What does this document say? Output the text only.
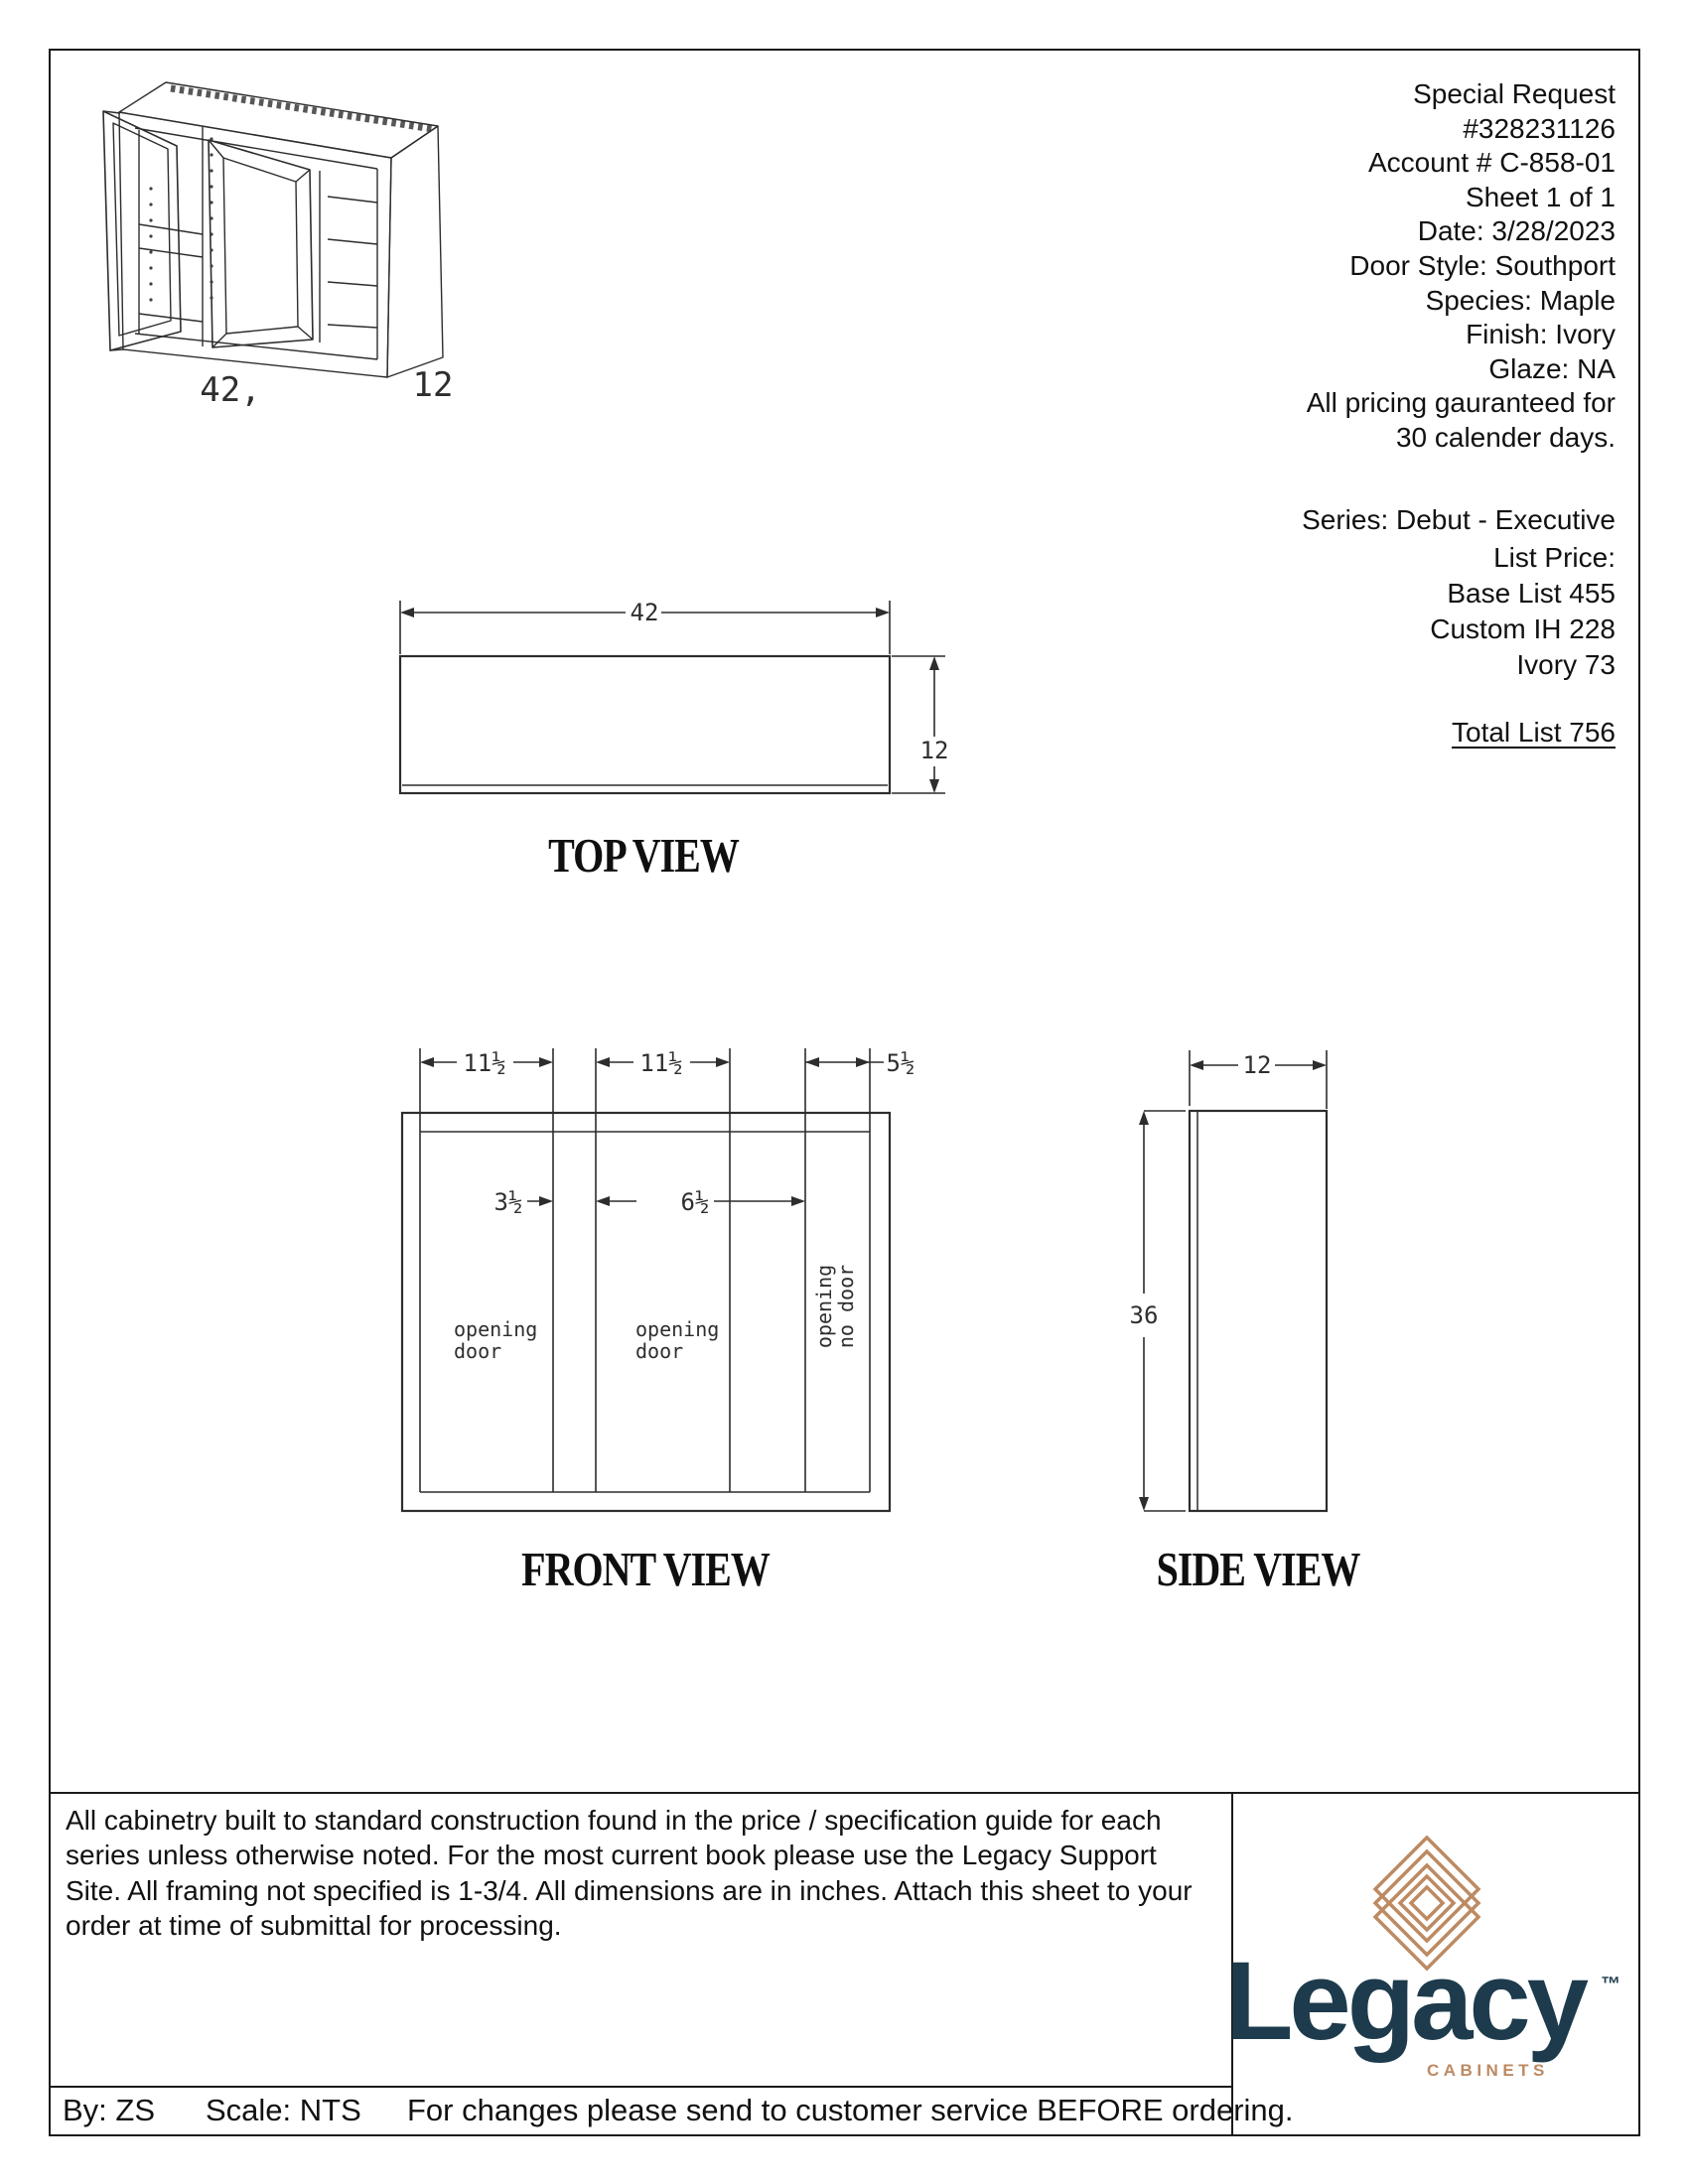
42,	12
Special Request
#328231126
Account # C-858-01
Sheet 1 of 1
Date: 3/28/2023
Door Style: Southport
Species: Maple
Finish: Ivory
Glaze: NA
All pricing gauranteed for
30 calender days.
Series: Debut - Executive
List Price:
Base List 455
Custom IH 228
Ivory 73
Total List 756
42
12
TOP VIEW
11½	11½	5½
3½	6½
opening
door
opening
door
opening
no door
FRONT VIEW
12
36
SIDE VIEW
All cabinetry built to standard construction found in the price / specification guide for each
series unless otherwise noted. For the most current book please use the Legacy Support
Site. All framing not specified is 1-3/4. All dimensions are in inches. Attach this sheet to your
order at time of submittal for processing.
Legacy ™
CABINETS
By: ZS Scale: NTS For changes please send to customer service BEFORE ordering.
